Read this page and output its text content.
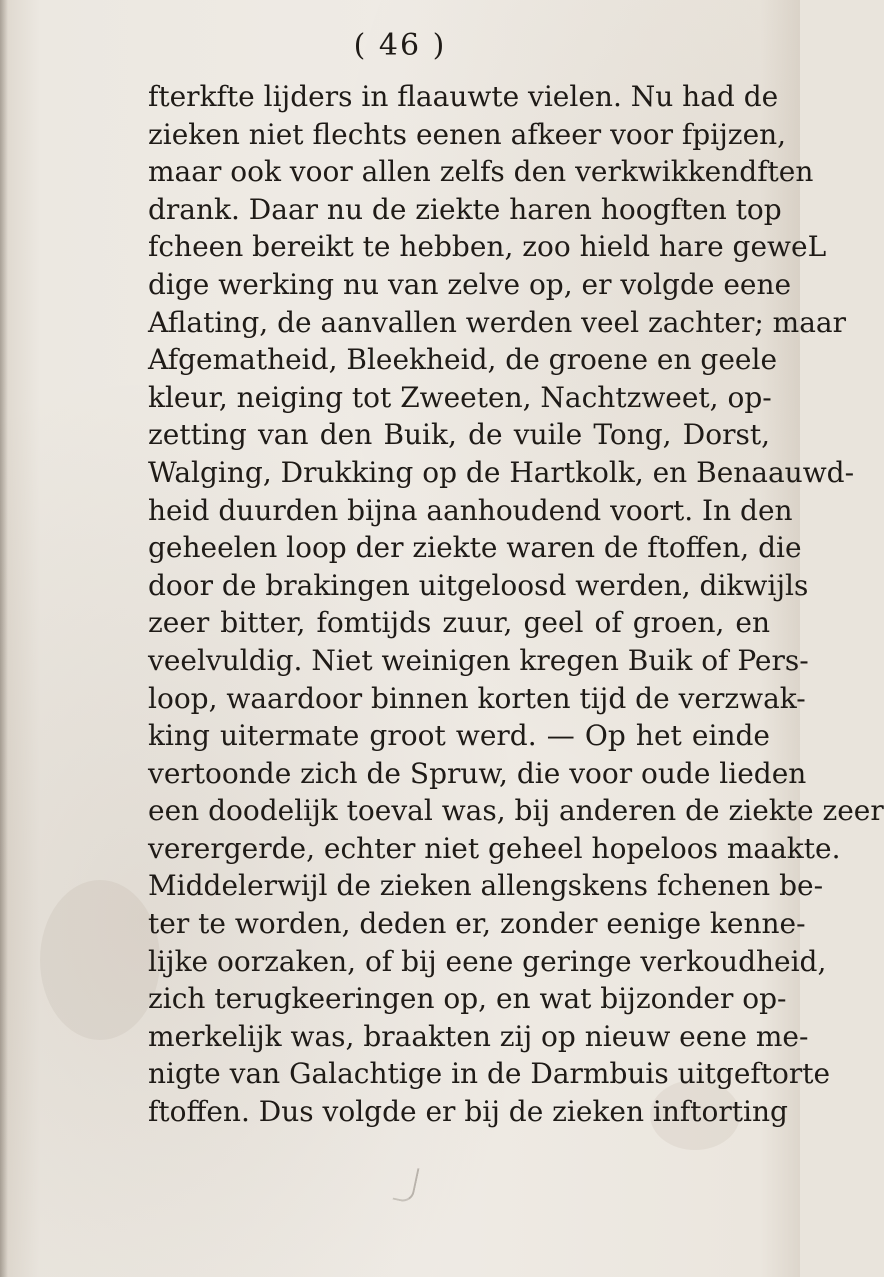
( 46 )
fterkfte lijders in flaauwte vielen. Nu had de
zieken niet flechts eenen afkeer voor fpijzen,
maar ook voor allen zelfs den verkwikkendften
drank. Daar nu de ziekte haren hoogften top
fcheen bereikt te hebben, zoo hield hare geweL
dige werking nu van zelve op, er volgde eene
Aflating, de aanvallen werden veel zachter; maar
Afgematheid, Bleekheid, de groene en geele
kleur, neiging tot Zweeten, Nachtzweet, op-
zetting van den Buik, de vuile Tong, Dorst,
Walging, Drukking op de Hartkolk, en Benaauwd-
heid duurden bijna aanhoudend voort. In den
geheelen loop der ziekte waren de ftoffen, die
door de brakingen uitgeloosd werden, dikwijls
zeer bitter, fomtijds zuur, geel of groen, en
veelvuldig. Niet weinigen kregen Buik of Pers-
loop, waardoor binnen korten tijd de verzwak-
king uitermate groot werd. — Op het einde
vertoonde zich de Spruw, die voor oude lieden
een doodelijk toeval was, bij anderen de ziekte zeer
verergerde, echter niet geheel hopeloos maakte.
Middelerwijl de zieken allengskens fchenen be-
ter te worden, deden er, zonder eenige kenne-
lijke oorzaken, of bij eene geringe verkoudheid,
zich terugkeeringen op, en wat bijzonder op-
merkelijk was, braakten zij op nieuw eene me-
nigte van Galachtige in de Darmbuis uitgeftorte
ftoffen. Dus volgde er bij de zieken inftorting
